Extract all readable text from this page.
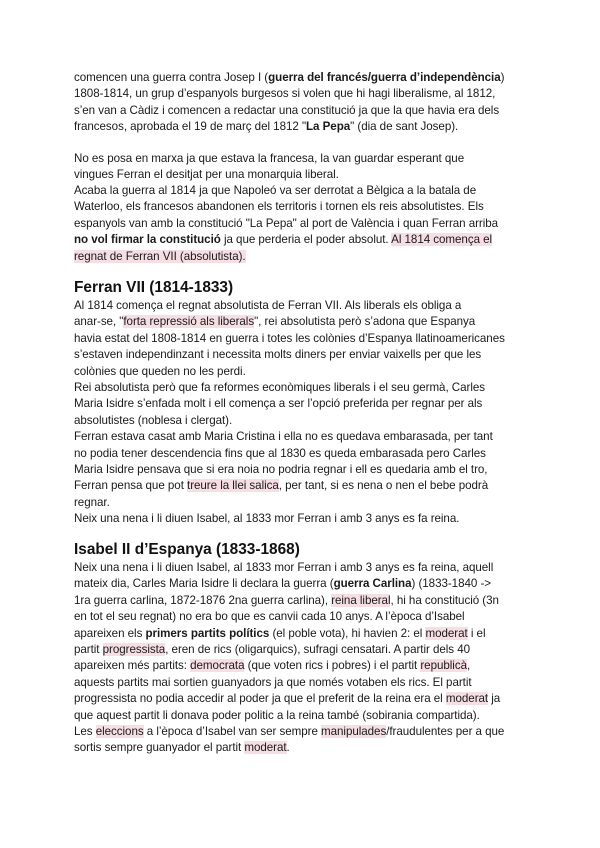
comencen una guerra contra Josep I (guerra del francés/guerra d’independència)
1808-1814, un grup d’espanyols burgesos si volen que hi hagi liberalisme, al 1812,
s’en van a Càdiz i comencen a redactar una constitució ja que la que havia era dels
francesos, aprobada el 19 de març del 1812 "La Pepa" (dia de sant Josep).
No es posa en marxa ja que estava la francesa, la van guardar esperant que
vingues Ferran el desitjat per una monarquia liberal.
Acaba la guerra al 1814 ja que Napoleó va ser derrotat a Bèlgica a la batala de
Waterloo, els francesos abandonen els territoris i tornen els reis absolutistes. Els
espanyols van amb la constitució "La Pepa" al port de València i quan Ferran arriba
no vol firmar la constitució ja que perderia el poder absolut. Al 1814 comença el
regnat de Ferran VII (absolutista).
Ferran VII (1814-1833)
Al 1814 comença el regnat absolutista de Ferran VII. Als liberals els obliga a
anar-se, "forta repressió als liberals", rei absolutista però s’adona que Espanya
havia estat del 1808-1814 en guerra i totes les colònies d’Espanya llatinoamericanes
s’estaven independinzant i necessita molts diners per enviar vaixells per que les
colònies que queden no les perdi.
Rei absolutista però que fa reformes econòmiques liberals i el seu germà, Carles
Maria Isidre s’enfada molt i ell comença a ser l’opció preferida per regnar per als
absolutistes (noblesa i clergat).
Ferran estava casat amb Maria Cristina i ella no es quedava embarasada, per tant
no podia tener descendencia fins que al 1830 es queda embarasada pero Carles
Maria Isidre pensava que si era noia no podria regnar i ell es quedaria amb el tro,
Ferran pensa que pot treure la llei salica, per tant, si es nena o nen el bebe podrà
regnar.
Neix una nena i li diuen Isabel, al 1833 mor Ferran i amb 3 anys es fa reina.
Isabel II d’Espanya (1833-1868)
Neix una nena i li diuen Isabel, al 1833 mor Ferran i amb 3 anys es fa reina, aquell
mateix dia, Carles Maria Isidre li declara la guerra (guerra Carlina) (1833-1840 ->
1ra guerra carlina, 1872-1876 2na guerra carlina), reina liberal, hi ha constitució (3n
en tot el seu regnat) no era bo que es canvii cada 10 anys. A l’època d’Isabel
apareixen els primers partits polítics (el poble vota), hi havien 2: el moderat i el
partit progressista, eren de rics (oligarquics), sufragi censatari. A partir dels 40
apareixen més partits: democrata (que voten rics i pobres) i el partit republicà,
aquests partits mai sortien guanyadors ja que només votaben els rics. El partit
progressista no podia accedir al poder ja que el preferit de la reina era el moderat ja
que aquest partit li donava poder politic a la reina també (sobirania compartida).
Les eleccions a l’època d’Isabel van ser sempre manipulades/fraudulentes per a que
sortis sempre guanyador el partit moderat.
